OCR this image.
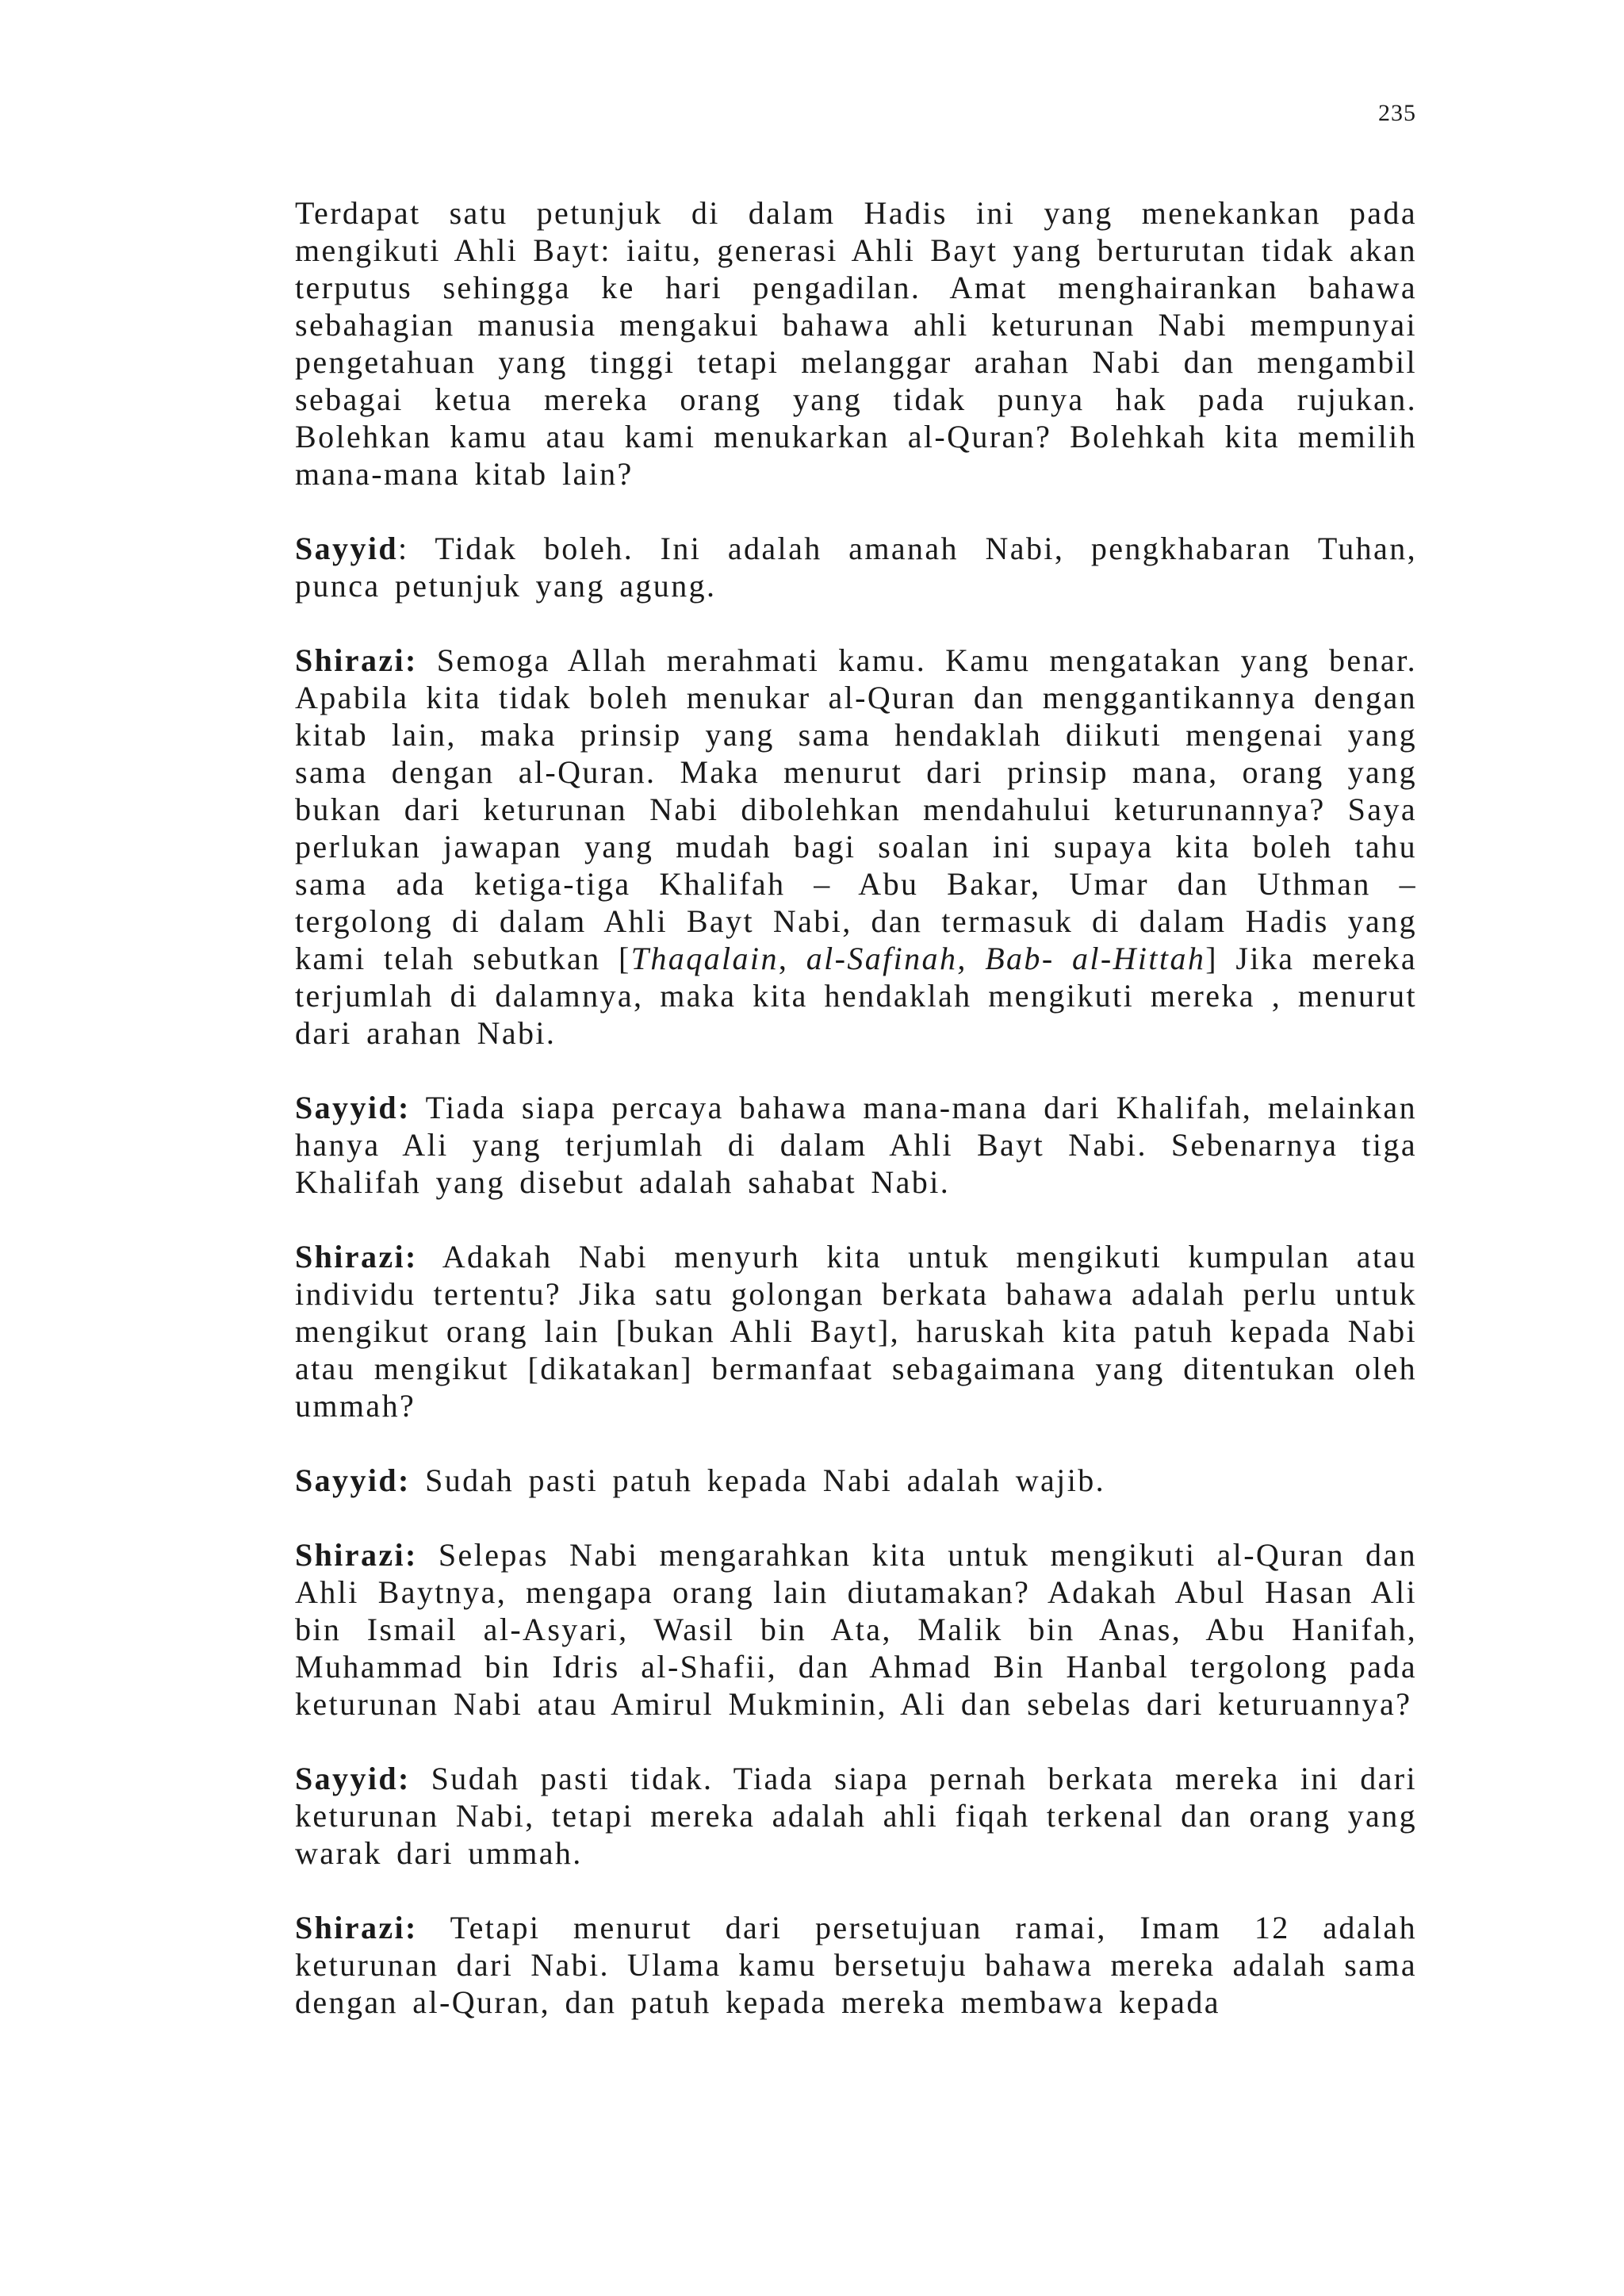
235

Terdapat satu petunjuk di dalam Hadis ini yang menekankan pada mengikuti Ahli Bayt: iaitu, generasi Ahli Bayt yang berturutan tidak akan terputus sehingga ke hari pengadilan. Amat menghairankan bahawa sebahagian manusia mengakui bahawa ahli keturunan Nabi mempunyai pengetahuan yang tinggi tetapi melanggar arahan Nabi dan mengambil sebagai ketua mereka orang yang tidak punya hak pada rujukan. Bolehkan kamu atau kami menukarkan al-Quran? Bolehkah kita memilih mana-mana kitab lain?

Sayyid: Tidak boleh. Ini adalah amanah Nabi, pengkhabaran Tuhan, punca petunjuk yang agung.

Shirazi: Semoga Allah merahmati kamu. Kamu mengatakan yang benar. Apabila kita tidak boleh menukar al-Quran dan menggantikannya dengan kitab lain, maka prinsip yang sama hendaklah diikuti mengenai yang sama dengan al-Quran. Maka menurut dari prinsip mana, orang yang bukan dari keturunan Nabi dibolehkan mendahului keturunannya? Saya perlukan jawapan yang mudah bagi soalan ini supaya kita boleh tahu sama ada ketiga-tiga Khalifah – Abu Bakar, Umar dan Uthman – tergolong di dalam Ahli Bayt Nabi, dan termasuk di dalam Hadis yang kami telah sebutkan [Thaqalain, al-Safinah, Bab- al-Hittah] Jika mereka terjumlah di dalamnya, maka kita hendaklah mengikuti mereka , menurut dari arahan Nabi.

Sayyid: Tiada siapa percaya bahawa mana-mana dari Khalifah, melainkan hanya Ali yang terjumlah di dalam Ahli Bayt Nabi. Sebenarnya tiga Khalifah yang disebut adalah sahabat Nabi.

Shirazi: Adakah Nabi menyurh kita untuk mengikuti kumpulan atau individu tertentu? Jika satu golongan berkata bahawa adalah perlu untuk mengikut orang lain [bukan Ahli Bayt], haruskah kita patuh kepada Nabi atau mengikut [dikatakan] bermanfaat sebagaimana yang ditentukan oleh ummah?

Sayyid: Sudah pasti patuh kepada Nabi adalah wajib.

Shirazi: Selepas Nabi mengarahkan kita untuk mengikuti al-Quran dan Ahli Baytnya, mengapa orang lain diutamakan? Adakah Abul Hasan Ali bin Ismail al-Asyari, Wasil bin Ata, Malik bin Anas, Abu Hanifah, Muhammad bin Idris al-Shafii, dan Ahmad Bin Hanbal tergolong pada keturunan Nabi atau Amirul Mukminin, Ali dan sebelas dari keturuannya?

Sayyid: Sudah pasti tidak. Tiada siapa pernah berkata mereka ini dari keturunan Nabi, tetapi mereka adalah ahli fiqah terkenal dan orang yang warak dari ummah.

Shirazi: Tetapi menurut dari persetujuan ramai, Imam 12 adalah keturunan dari Nabi. Ulama kamu bersetuju bahawa mereka adalah sama dengan al-Quran, dan patuh kepada mereka membawa kepada
